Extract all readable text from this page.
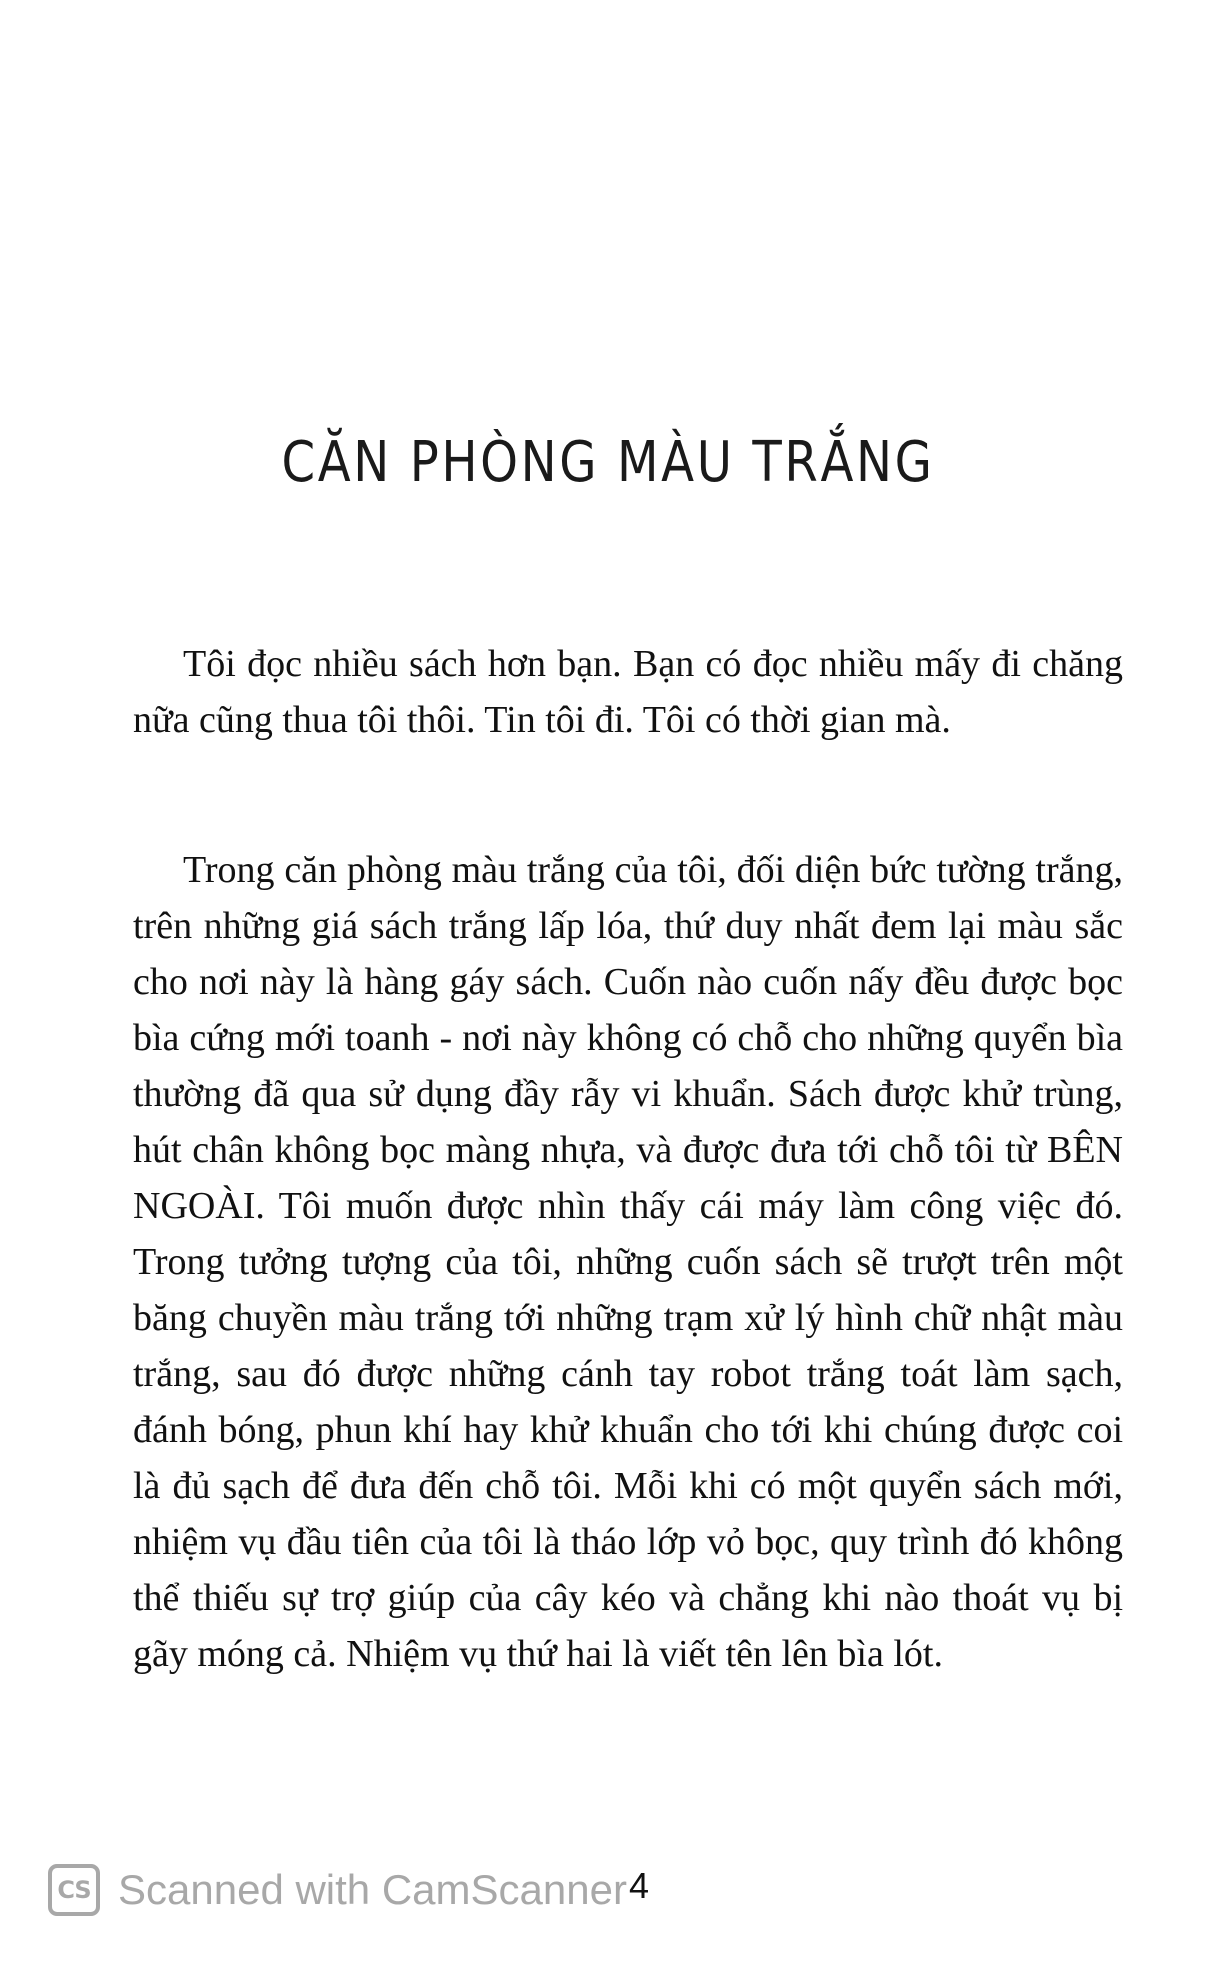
CĂN PHÒNG MÀU TRẮNG

Tôi đọc nhiều sách hơn bạn. Bạn có đọc nhiều mấy đi chăng nữa cũng thua tôi thôi. Tin tôi đi. Tôi có thời gian mà.

Trong căn phòng màu trắng của tôi, đối diện bức tường trắng, trên những giá sách trắng lấp lóa, thứ duy nhất đem lại màu sắc cho nơi này là hàng gáy sách. Cuốn nào cuốn nấy đều được bọc bìa cứng mới toanh - nơi này không có chỗ cho những quyển bìa thường đã qua sử dụng đầy rẫy vi khuẩn. Sách được khử trùng, hút chân không bọc màng nhựa, và được đưa tới chỗ tôi từ BÊN NGOÀI. Tôi muốn được nhìn thấy cái máy làm công việc đó. Trong tưởng tượng của tôi, những cuốn sách sẽ trượt trên một băng chuyền màu trắng tới những trạm xử lý hình chữ nhật màu trắng, sau đó được những cánh tay robot trắng toát làm sạch, đánh bóng, phun khí hay khử khuẩn cho tới khi chúng được coi là đủ sạch để đưa đến chỗ tôi. Mỗi khi có một quyển sách mới, nhiệm vụ đầu tiên của tôi là tháo lớp vỏ bọc, quy trình đó không thể thiếu sự trợ giúp của cây kéo và chẳng khi nào thoát vụ bị gãy móng cả. Nhiệm vụ thứ hai là viết tên lên bìa lót.

CS Scanned with CamScanner 4
